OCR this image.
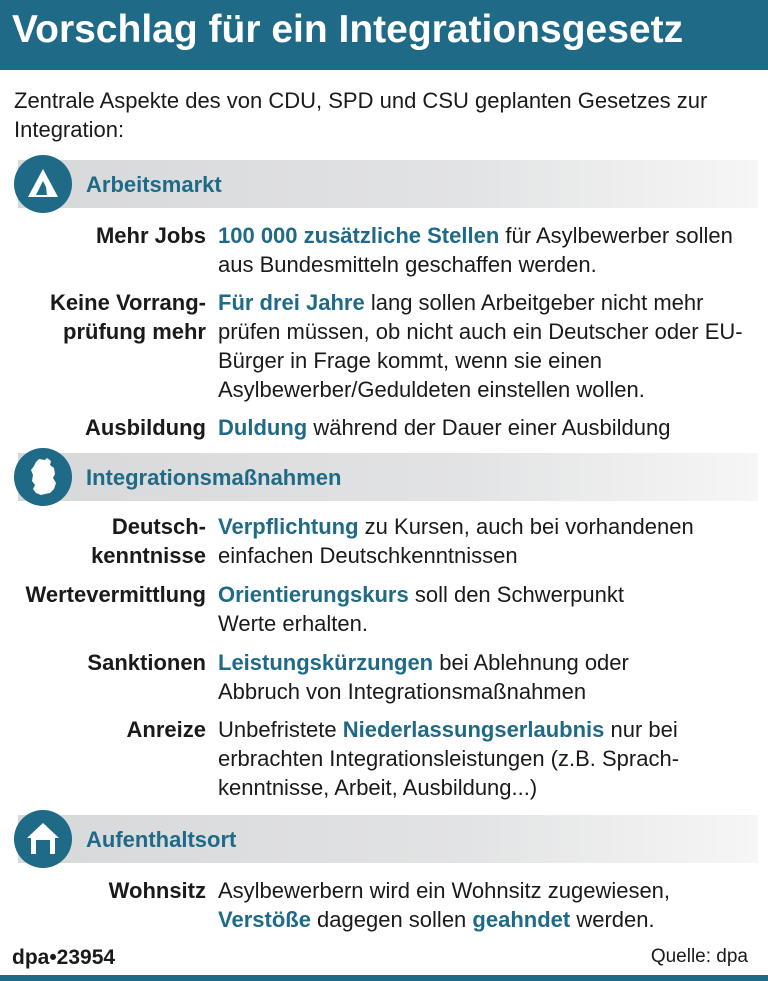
Vorschlag für ein Integrationsgesetz
Zentrale Aspekte des von CDU, SPD und CSU geplanten Gesetzes zur Integration:
Arbeitsmarkt
Mehr Jobs 100 000 zusätzliche Stellen für Asylbewerber sollen aus Bundesmitteln geschaffen werden.
Keine Vorrang-
prüfung mehr
Für drei Jahre lang sollen Arbeitgeber nicht mehr prüfen müssen, ob nicht auch ein Deutscher oder EU-Bürger in Frage kommt, wenn sie einen Asylbewerber/Geduldeten einstellen wollen.
Ausbildung Duldung während der Dauer einer Ausbildung
Integrationsmaßnahmen
Deutsch-
kenntnisse
Verpflichtung zu Kursen, auch bei vorhandenen einfachen Deutschkenntnissen
Wertevermittlung Orientierungskurs soll den Schwerpunkt Werte erhalten.
Sanktionen Leistungskürzungen bei Ablehnung oder Abbruch von Integrationsmaßnahmen
Anreize Unbefristete Niederlassungserlaubnis nur bei erbrachten Integrationsleistungen (z.B. Sprach-kenntnisse, Arbeit, Ausbildung...)
Aufenthaltsort
Wohnsitz Asylbewerbern wird ein Wohnsitz zugewiesen, Verstöße dagegen sollen geahndet werden.
dpa•23954	Quelle: dpa
